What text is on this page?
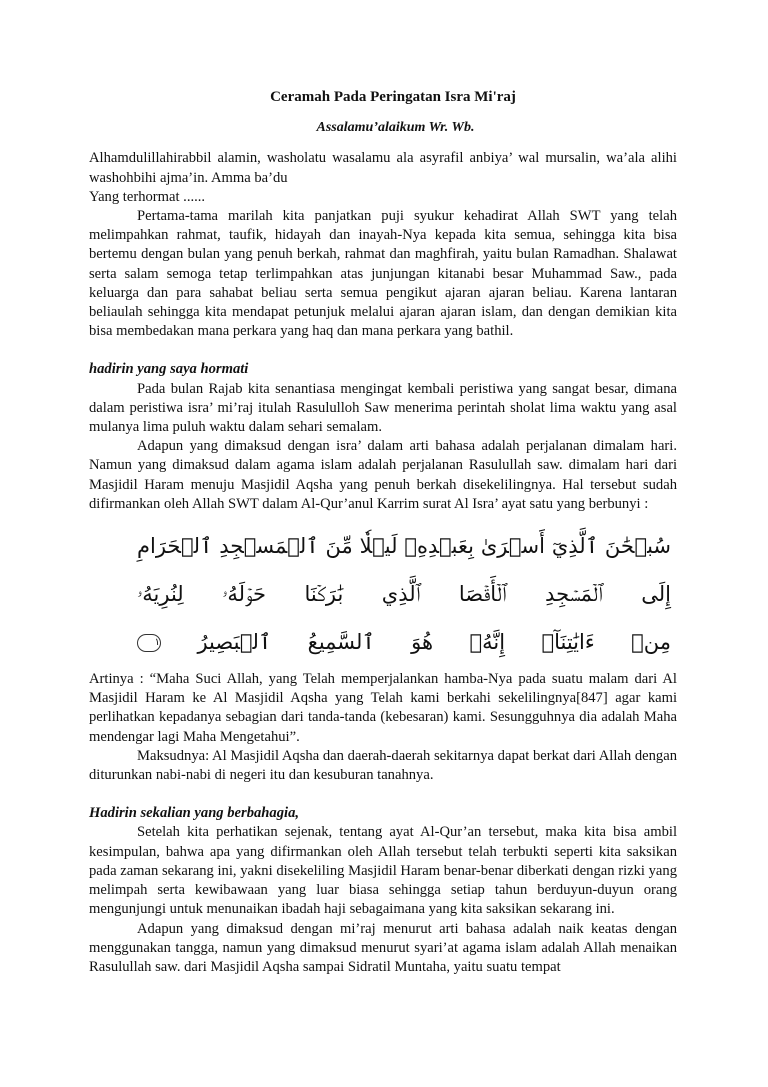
Ceramah Pada Peringatan Isra Mi'raj
Assalamu’alaikum Wr. Wb.

Alhamdulillahirabbil alamin, washolatu wasalamu ala asyrafil anbiya’ wal mursalin, wa’ala alihi washohbihi ajma’in. Amma ba’du

Yang terhormat ......

Pertama-tama marilah kita panjatkan puji syukur kehadirat Allah SWT yang telah melimpahkan rahmat, taufik, hidayah dan inayah-Nya kepada kita semua, sehingga kita bisa bertemu dengan bulan yang penuh berkah, rahmat dan maghfirah, yaitu bulan Ramadhan. Shalawat serta salam semoga tetap terlimpahkan atas junjungan kitanabi besar Muhammad Saw., pada keluarga dan para sahabat beliau serta semua pengikut ajaran ajaran beliau. Karena lantaran beliaulah sehingga kita mendapat petunjuk melalui ajaran ajaran islam, dan dengan demikian kita bisa membedakan mana perkara yang haq dan mana perkara yang bathil.

hadirin yang saya hormati

Pada bulan Rajab kita senantiasa mengingat kembali peristiwa yang sangat besar, dimana dalam peristiwa isra’ mi’raj itulah Rasululloh Saw menerima perintah sholat lima waktu yang asal mulanya lima puluh waktu dalam sehari semalam.

Adapun yang dimaksud dengan isra’ dalam arti bahasa adalah perjalanan dimalam hari. Namun yang dimaksud dalam agama islam adalah perjalanan Rasulullah saw. dimalam hari dari Masjidil Haram menuju Masjidil Aqsha yang penuh berkah disekelilingnya. Hal tersebut sudah difirmankan oleh Allah SWT dalam Al-Qur’anul Karrim surat Al Isra’ ayat satu yang berbunyi :

سُبۡحَٰنَ ٱلَّذِيٓ أَسۡرَىٰ بِعَبۡدِهِۦ لَيۡلٗا مِّنَ ٱلۡمَسۡجِدِ ٱلۡحَرَامِ
إِلَى ٱلۡمَسۡجِدِ ٱلۡأَقۡصَا ٱلَّذِي بَٰرَكۡنَا حَوۡلَهُۥ لِنُرِيَهُۥ
مِنۡ ءَايَٰتِنَآۚ إِنَّهُۥ هُوَ ٱلسَّمِيعُ ٱلۡبَصِيرُ ١

Artinya : “Maha Suci Allah, yang Telah memperjalankan hamba-Nya pada suatu malam dari Al Masjidil Haram ke Al Masjidil Aqsha yang Telah kami berkahi sekelilingnya[847] agar kami perlihatkan kepadanya sebagian dari tanda-tanda (kebesaran) kami. Sesungguhnya dia adalah Maha mendengar lagi Maha Mengetahui”.

Maksudnya: Al Masjidil Aqsha dan daerah-daerah sekitarnya dapat berkat dari Allah dengan diturunkan nabi-nabi di negeri itu dan kesuburan tanahnya.

Hadirin sekalian yang berbahagia,

Setelah kita perhatikan sejenak, tentang ayat Al-Qur’an tersebut, maka kita bisa ambil kesimpulan, bahwa apa yang difirmankan oleh Allah tersebut telah terbukti seperti kita saksikan pada zaman sekarang ini, yakni disekeliling Masjidil Haram benar-benar diberkati dengan rizki yang melimpah serta kewibawaan yang luar biasa sehingga setiap tahun berduyun-duyun orang mengunjungi untuk menunaikan ibadah haji sebagaimana yang kita saksikan sekarang ini.

Adapun yang dimaksud dengan mi’raj menurut arti bahasa adalah naik keatas dengan menggunakan tangga, namun yang dimaksud menurut syari’at agama islam adalah Allah menaikan Rasulullah saw. dari Masjidil Aqsha sampai Sidratil Muntaha, yaitu suatu tempat
